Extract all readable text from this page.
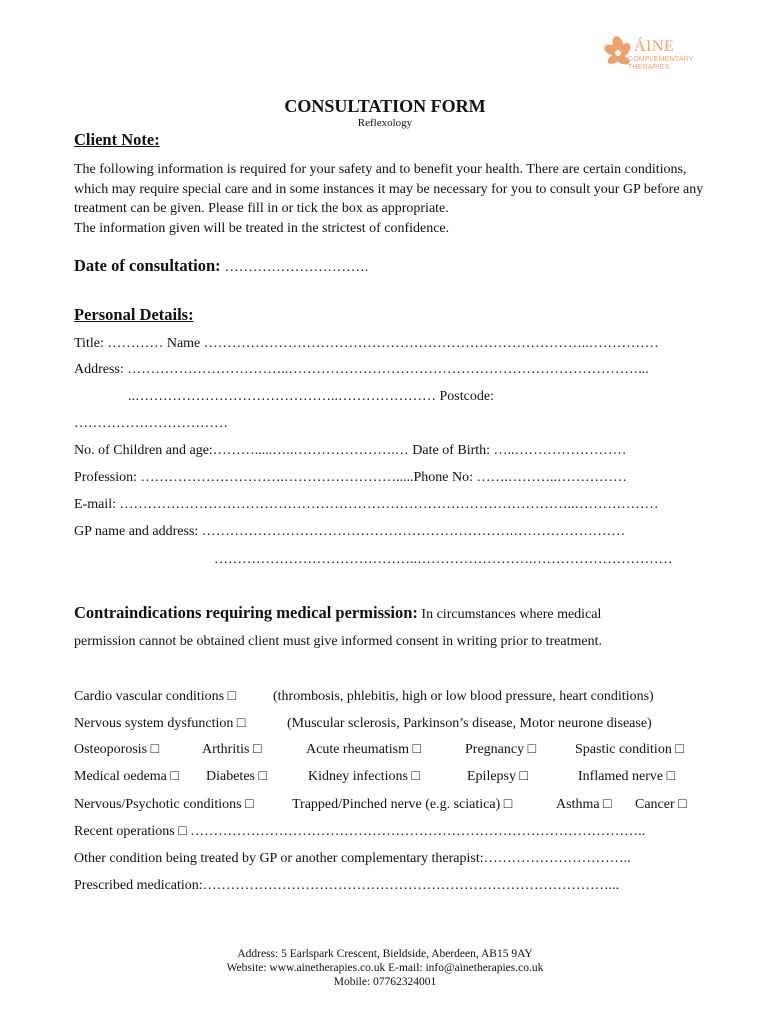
ÁINE
COMPLEMENTARY
THERAPIES
CONSULTATION FORM
Reflexology
Client Note:

The following information is required for your safety and to benefit your health. There are certain conditions, which may require special care and in some instances it may be necessary for you to consult your GP before any treatment can be given. Please fill in or tick the box as appropriate.

The information given will be treated in the strictest of confidence.

Date of consultation: ………………………….
Personal Details:
Title: ………… Name ………………………………………………………………………..……………
Address: ……………………………..…………………………………………………………………...
..……………………………………..………………… Postcode:
……………………………
No. of Children and age:……….....…..………………….… Date of Birth: …..……………………
Profession: ………………………….…………………….....Phone No: …….………..……………
E-mail: ……………………………………………………………………………………..………………
GP name and address: ………………………………………………………….……………………
……………………………………..…………………….…………………………
Contraindications requiring medical permission: In circumstances where medical
permission cannot be obtained client must give informed consent in writing prior to treatment.
Cardio vascular conditions □	(thrombosis, phlebitis, high or low blood pressure, heart conditions)
Nervous system dysfunction □	(Muscular sclerosis, Parkinson’s disease, Motor neurone disease)
Osteoporosis □	Arthritis □	Acute rheumatism □	Pregnancy □	Spastic condition □
Medical oedema □ Diabetes □	Kidney infections □	Epilepsy □	Inflamed nerve □
Nervous/Psychotic conditions □	Trapped/Pinched nerve (e.g. sciatica) □	Asthma □ Cancer □
Recent operations □ ……………………………………………………………………………………..
Other condition being treated by GP or another complementary therapist:…………………………..
Prescribed medication:……………………………………………………………………………...
Address: 5 Earlspark Crescent, Bieldside, Aberdeen, AB15 9AY
Website: www.ainetherapies.co.uk E-mail: info@ainetherapies.co.uk
Mobile: 07762324001
